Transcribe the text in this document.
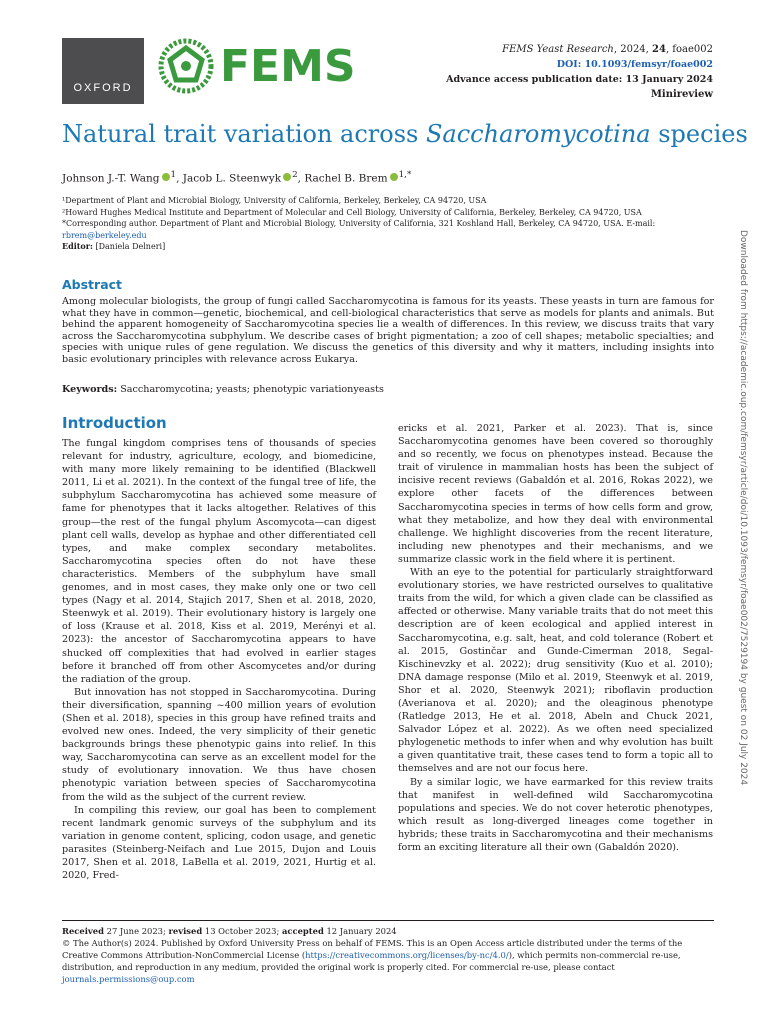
OXFORD FEMS	FEMS Yeast Research, 2024, 24, foae002
DOI: 10.1093/femsyr/foae002
Advance access publication date: 13 January 2024
Minireview
Natural trait variation across Saccharomycotina species
Johnson J.-T. Wang $^1$, Jacob L. Steenwyk $^2$, Rachel B. Brem $^{1,*}$
¹Department of Plant and Microbial Biology, University of California, Berkeley, Berkeley, CA 94720, USA
²Howard Hughes Medical Institute and Department of Molecular and Cell Biology, University of California, Berkeley, Berkeley, CA 94720, USA
*Corresponding author. Department of Plant and Microbial Biology, University of California, 321 Koshland Hall, Berkeley, CA 94720, USA. E-mail:
rbrem@berkeley.edu
Editor: [Daniela Delneri]
Abstract
Among molecular biologists, the group of fungi called Saccharomycotina is famous for its yeasts. These yeasts in turn are famous for what they have in common—genetic, biochemical, and cell-biological characteristics that serve as models for plants and animals. But behind the apparent homogeneity of Saccharomycotina species lie a wealth of differences. In this review, we discuss traits that vary across the Saccharomycotina subphylum. We describe cases of bright pigmentation; a zoo of cell shapes; metabolic specialties; and species with unique rules of gene regulation. We discuss the genetics of this diversity and why it matters, including insights into basic evolutionary principles with relevance across Eukarya.
Keywords: Saccharomycotina; yeasts; phenotypic variationyeasts
Introduction

The fungal kingdom comprises tens of thousands of species relevant for industry, agriculture, ecology, and biomedicine, with many more likely remaining to be identified (Blackwell 2011, Li et al. 2021). In the context of the fungal tree of life, the subphylum Saccharomycotina has achieved some measure of fame for phenotypes that it lacks altogether. Relatives of this group—the rest of the fungal phylum Ascomycota—can digest plant cell walls, develop as hyphae and other differentiated cell types, and make complex secondary metabolites. Saccharomycotina species often do not have these characteristics. Members of the subphylum have small genomes, and in most cases, they make only one or two cell types (Nagy et al. 2014, Stajich 2017, Shen et al. 2018, 2020, Steenwyk et al. 2019). Their evolutionary history is largely one of loss (Krause et al. 2018, Kiss et al. 2019, Merényi et al. 2023): the ancestor of Saccharomycotina appears to have shucked off complexities that had evolved in earlier stages before it branched off from other Ascomycetes and/or during the radiation of the group.

But innovation has not stopped in Saccharomycotina. During their diversification, spanning ~400 million years of evolution (Shen et al. 2018), species in this group have refined traits and evolved new ones. Indeed, the very simplicity of their genetic backgrounds brings these phenotypic gains into relief. In this way, Saccharomycotina can serve as an excellent model for the study of evolutionary innovation. We thus have chosen phenotypic variation between species of Saccharomycotina from the wild as the subject of the current review.

In compiling this review, our goal has been to complement recent landmark genomic surveys of the subphylum and its variation in genome content, splicing, codon usage, and genetic parasites (Steinberg-Neifach and Lue 2015, Dujon and Louis 2017, Shen et al. 2018, LaBella et al. 2019, 2021, Hurtig et al. 2020, Fred-

ericks et al. 2021, Parker et al. 2023). That is, since Saccharomycotina genomes have been covered so thoroughly and so recently, we focus on phenotypes instead. Because the trait of virulence in mammalian hosts has been the subject of incisive recent reviews (Gabaldón et al. 2016, Rokas 2022), we explore other facets of the differences between Saccharomycotina species in terms of how cells form and grow, what they metabolize, and how they deal with environmental challenge. We highlight discoveries from the recent literature, including new phenotypes and their mechanisms, and we summarize classic work in the field where it is pertinent.

With an eye to the potential for particularly straightforward evolutionary stories, we have restricted ourselves to qualitative traits from the wild, for which a given clade can be classified as affected or otherwise. Many variable traits that do not meet this description are of keen ecological and applied interest in Saccharomycotina, e.g. salt, heat, and cold tolerance (Robert et al. 2015, Gostinčar and Gunde-Cimerman 2018, Segal-Kischinevzky et al. 2022); drug sensitivity (Kuo et al. 2010); DNA damage response (Milo et al. 2019, Steenwyk et al. 2019, Shor et al. 2020, Steenwyk 2021); riboflavin production (Averianova et al. 2020); and the oleaginous phenotype (Ratledge 2013, He et al. 2018, Abeln and Chuck 2021, Salvador López et al. 2022). As we often need specialized phylogenetic methods to infer when and why evolution has built a given quantitative trait, these cases tend to form a topic all to themselves and are not our focus here.

By a similar logic, we have earmarked for this review traits that manifest in well-defined wild Saccharomycotina populations and species. We do not cover heterotic phenotypes, which result as long-diverged lineages come together in hybrids; these traits in Saccharomycotina and their mechanisms form an exciting literature all their own (Gabaldón 2020).

Downloaded from https://academic.oup.com/femsyr/article/doi/10.1093/femsyr/foae002/7529194 by guest on 02 July 2024
Received 27 June 2023; revised 13 October 2023; accepted 12 January 2024
© The Author(s) 2024. Published by Oxford University Press on behalf of FEMS. This is an Open Access article distributed under the terms of the Creative Commons Attribution-NonCommercial License (https://creativecommons.org/licenses/by-nc/4.0/), which permits non-commercial re-use, distribution, and reproduction in any medium, provided the original work is properly cited. For commercial re-use, please contact journals.permissions@oup.com
